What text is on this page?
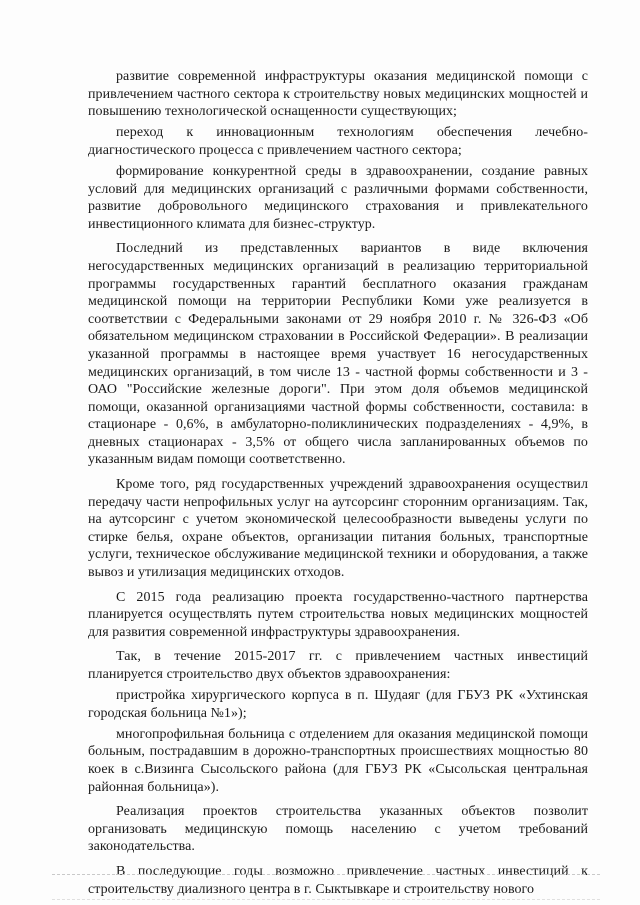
развитие современной инфраструктуры оказания медицинской помощи с привлечением частного сектора к строительству новых медицинских мощностей и повышению технологической оснащенности существующих;

переход к инновационным технологиям обеспечения лечебно-диагностического процесса с привлечением частного сектора;

формирование конкурентной среды в здравоохранении, создание равных условий для медицинских организаций с различными формами собственности, развитие добровольного медицинского страхования и привлекательного инвестиционного климата для бизнес-структур.

Последний из представленных вариантов в виде включения негосударственных медицинских организаций в реализацию территориальной программы государственных гарантий бесплатного оказания гражданам медицинской помощи на территории Республики Коми уже реализуется в соответствии с Федеральными законами от 29 ноября 2010 г. № 326-ФЗ «Об обязательном медицинском страховании в Российской Федерации». В реализации указанной программы в настоящее время участвует 16 негосударственных медицинских организаций, в том числе 13 - частной формы собственности и 3 - ОАО "Российские железные дороги". При этом доля объемов медицинской помощи, оказанной организациями частной формы собственности, составила: в стационаре - 0,6%, в амбулаторно-поликлинических подразделениях - 4,9%, в дневных стационарах - 3,5% от общего числа запланированных объемов по указанным видам помощи соответственно.

Кроме того, ряд государственных учреждений здравоохранения осуществил передачу части непрофильных услуг на аутсорсинг сторонним организациям. Так, на аутсорсинг с учетом экономической целесообразности выведены услуги по стирке белья, охране объектов, организации питания больных, транспортные услуги, техническое обслуживание медицинской техники и оборудования, а также вывоз и утилизация медицинских отходов.

С 2015 года реализацию проекта государственно-частного партнерства планируется осуществлять путем строительства новых медицинских мощностей для развития современной инфраструктуры здравоохранения.

Так, в течение 2015-2017 гг. с привлечением частных инвестиций планируется строительство двух объектов здравоохранения:

пристройка хирургического корпуса в п. Шудаяг (для ГБУЗ РК «Ухтинская городская больница №1»);

многопрофильная больница с отделением для оказания медицинской помощи больным, пострадавшим в дорожно-транспортных происшествиях мощностью 80 коек в с.Визинга Сысольского района (для ГБУЗ РК «Сысольская центральная районная больница»).

Реализация проектов строительства указанных объектов позволит организовать медицинскую помощь населению с учетом требований законодательства.

В последующие годы возможно привлечение частных инвестиций к строительству диализного центра в г. Сыктывкаре и строительству нового
